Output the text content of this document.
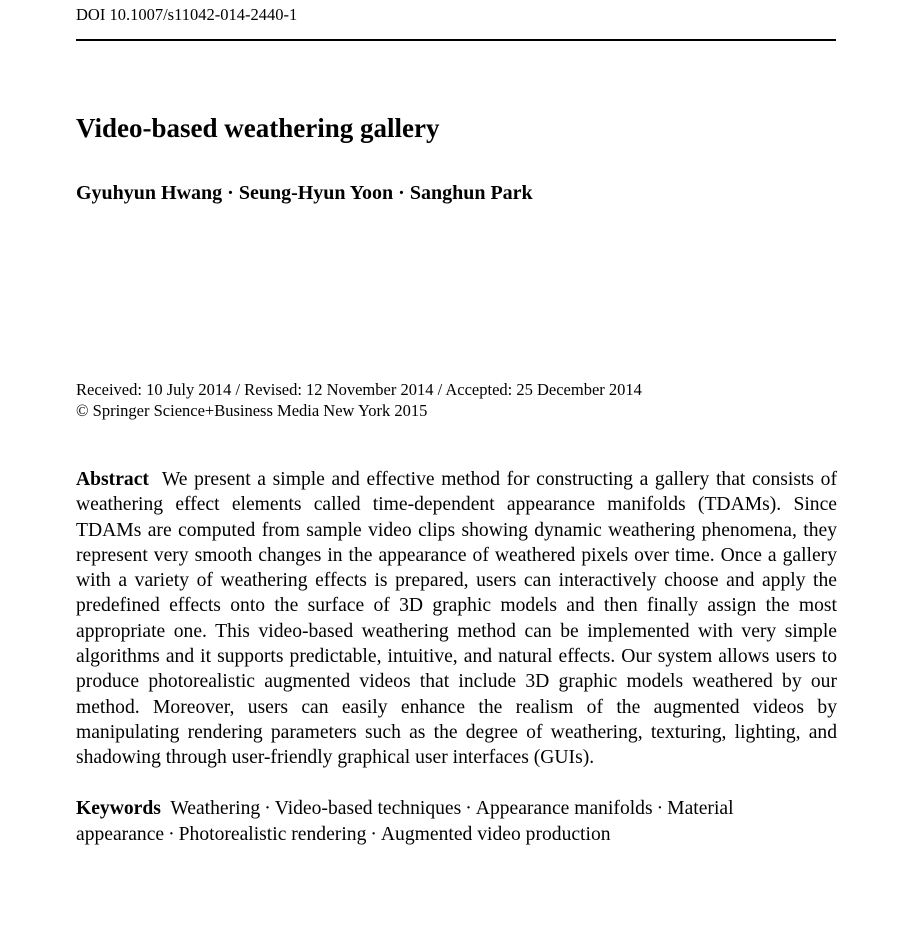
DOI 10.1007/s11042-014-2440-1
Video-based weathering gallery
Gyuhyun Hwang · Seung-Hyun Yoon · Sanghun Park
Received: 10 July 2014 / Revised: 12 November 2014 / Accepted: 25 December 2014
© Springer Science+Business Media New York 2015

Abstract We present a simple and effective method for constructing a gallery that consists of weathering effect elements called time-dependent appearance manifolds (TDAMs). Since TDAMs are computed from sample video clips showing dynamic weathering phenomena, they represent very smooth changes in the appearance of weathered pixels over time. Once a gallery with a variety of weathering effects is prepared, users can interactively choose and apply the predefined effects onto the surface of 3D graphic models and then finally assign the most appropriate one. This video-based weathering method can be implemented with very simple algorithms and it supports predictable, intuitive, and natural effects. Our system allows users to produce photorealistic augmented videos that include 3D graphic models weathered by our method. Moreover, users can easily enhance the realism of the augmented videos by manipulating rendering parameters such as the degree of weathering, texturing, lighting, and shadowing through user-friendly graphical user interfaces (GUIs).

Keywords Weathering · Video-based techniques · Appearance manifolds · Material appearance · Photorealistic rendering · Augmented video production
